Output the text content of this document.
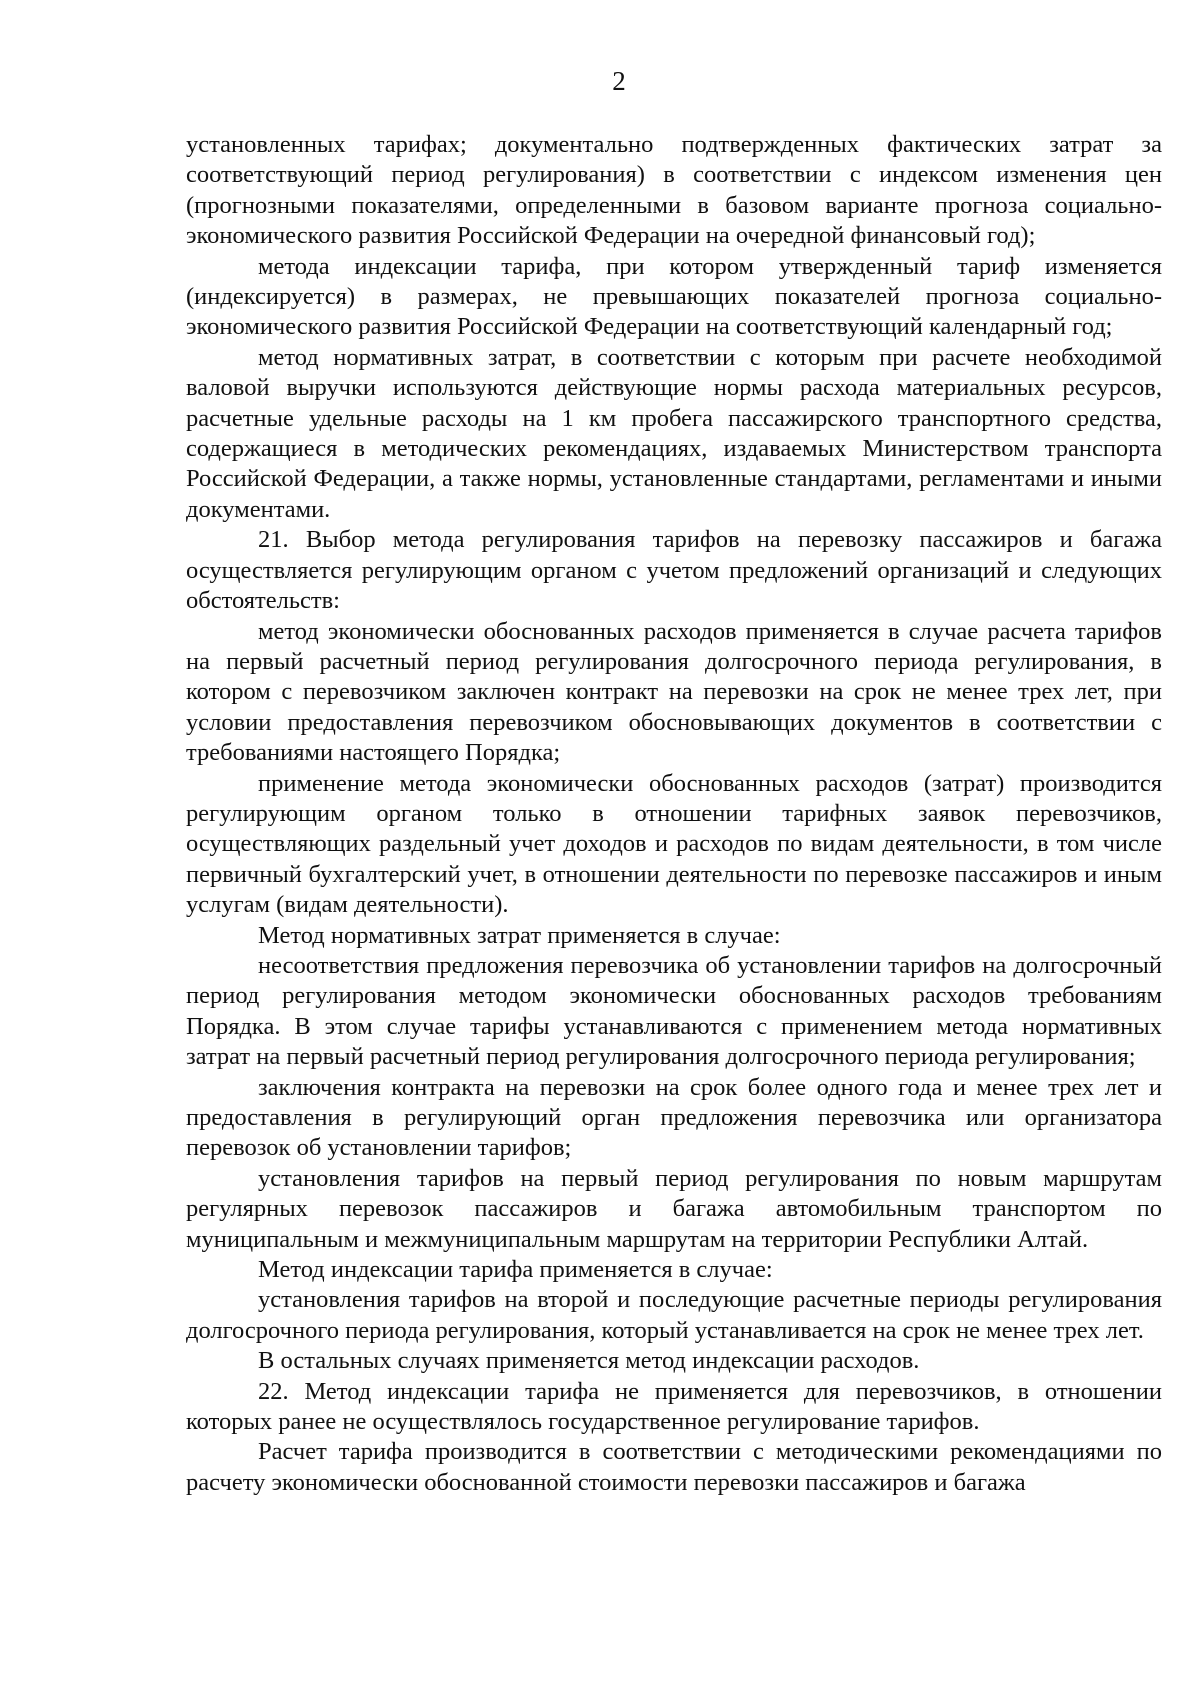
2

установленных тарифах; документально подтвержденных фактических затрат за соответствующий период регулирования) в соответствии с индексом изменения цен (прогнозными показателями, определенными в базовом варианте прогноза социально-экономического развития Российской Федерации на очередной финансовый год);

метода индексации тарифа, при котором утвержденный тариф изменяется (индексируется) в размерах, не превышающих показателей прогноза социально-экономического развития Российской Федерации на соответствующий календарный год;

метод нормативных затрат, в соответствии с которым при расчете необходимой валовой выручки используются действующие нормы расхода материальных ресурсов, расчетные удельные расходы на 1 км пробега пассажирского транспортного средства, содержащиеся в методических рекомендациях, издаваемых Министерством транспорта Российской Федерации, а также нормы, установленные стандартами, регламентами и иными документами.

21. Выбор метода регулирования тарифов на перевозку пассажиров и багажа осуществляется регулирующим органом с учетом предложений организаций и следующих обстоятельств:

метод экономически обоснованных расходов применяется в случае расчета тарифов на первый расчетный период регулирования долгосрочного периода регулирования, в котором с перевозчиком заключен контракт на перевозки на срок не менее трех лет, при условии предоставления перевозчиком обосновывающих документов в соответствии с требованиями настоящего Порядка;

применение метода экономически обоснованных расходов (затрат) производится регулирующим органом только в отношении тарифных заявок перевозчиков, осуществляющих раздельный учет доходов и расходов по видам деятельности, в том числе первичный бухгалтерский учет, в отношении деятельности по перевозке пассажиров и иным услугам (видам деятельности).

Метод нормативных затрат применяется в случае:

несоответствия предложения перевозчика об установлении тарифов на долгосрочный период регулирования методом экономически обоснованных расходов требованиям Порядка. В этом случае тарифы устанавливаются с применением метода нормативных затрат на первый расчетный период регулирования долгосрочного периода регулирования;

заключения контракта на перевозки на срок более одного года и менее трех лет и предоставления в регулирующий орган предложения перевозчика или организатора перевозок об установлении тарифов;

установления тарифов на первый период регулирования по новым маршрутам регулярных перевозок пассажиров и багажа автомобильным транспортом по муниципальным и межмуниципальным маршрутам на территории Республики Алтай.

Метод индексации тарифа применяется в случае:

установления тарифов на второй и последующие расчетные периоды регулирования долгосрочного периода регулирования, который устанавливается на срок не менее трех лет.

В остальных случаях применяется метод индексации расходов.

22. Метод индексации тарифа не применяется для перевозчиков, в отношении которых ранее не осуществлялось государственное регулирование тарифов.

Расчет тарифа производится в соответствии с методическими рекомендациями по расчету экономически обоснованной стоимости перевозки пассажиров и багажа
